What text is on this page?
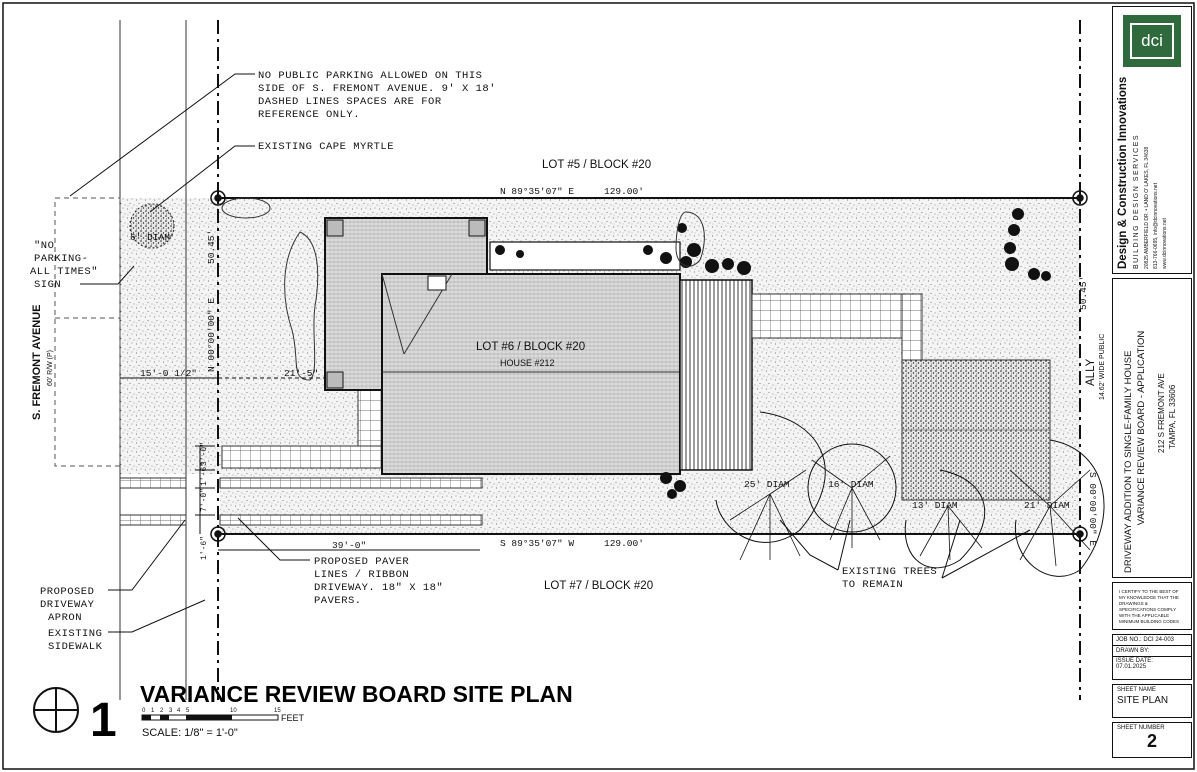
NO PUBLIC PARKING ALLOWED ON THIS
SIDE OF S. FREMONT AVENUE. 9' X 18'
DASHED LINES SPACES ARE FOR
REFERENCE ONLY.
EXISTING CAPE MYRTLE
"NO
PARKING-
ALL TIMES"
SIGN
PROPOSED
DRIVEWAY
APRON
EXISTING
SIDEWALK
PROPOSED PAVER
LINES / RIBBON
DRIVEWAY. 18" X 18"
PAVERS.
EXISTING TREES
TO REMAIN
LOT #5 / BLOCK #20
LOT #6 / BLOCK #20
HOUSE #212
LOT #7 / BLOCK #20
S. FREMONT AVENUE 60' R/W (P)	ALLY 14.62' WIDE PUBLIC
6' DIAM
25' DIAM	16' DIAM
13' DIAM	21' DIAM
N 89°35'07" E	129.00'
S 89°35'07" W	129.00'
N 00°00'00" E
50.45'
S 00°00'00" E
50.45'
15'-0 1/2"	21'-5"
39'-0"
3'-0"
1'-6"
7'-0"
1'-6"
1 VARIANCE REVIEW BOARD SITE PLAN
0 1 2 3 4 5	10	15
FEET
SCALE: 1/8" = 1'-0"
dci
Design & Construction Innovations BUILDING DESIGN SERVICES 20825 AMBERFIELD DR. • LAND O' LAKES, FL 34638 813-766-0695, info@dcinnovations.net www.dcinnovations.net
DRIVEWAY ADDITION TO SINGLE-FAMILY HOUSE VARIANCE REVIEW BOARD - APPLICATION 212 S FREMONT AVE TAMPA, FL 33606
I CERTIFY TO THE BEST OF
MY KNOWLEDGE THAT THE
DRAWINGS &
SPECIFICATIONS COMPLY
WITH THE APPLICABLE
MINIMUM BUILDING CODES
JOB NO.: DCI 24-003
DRAWN BY:
ISSUE DATE:
07.01.2025
SHEET NAME
SITE PLAN
SHEET NUMBER
2
